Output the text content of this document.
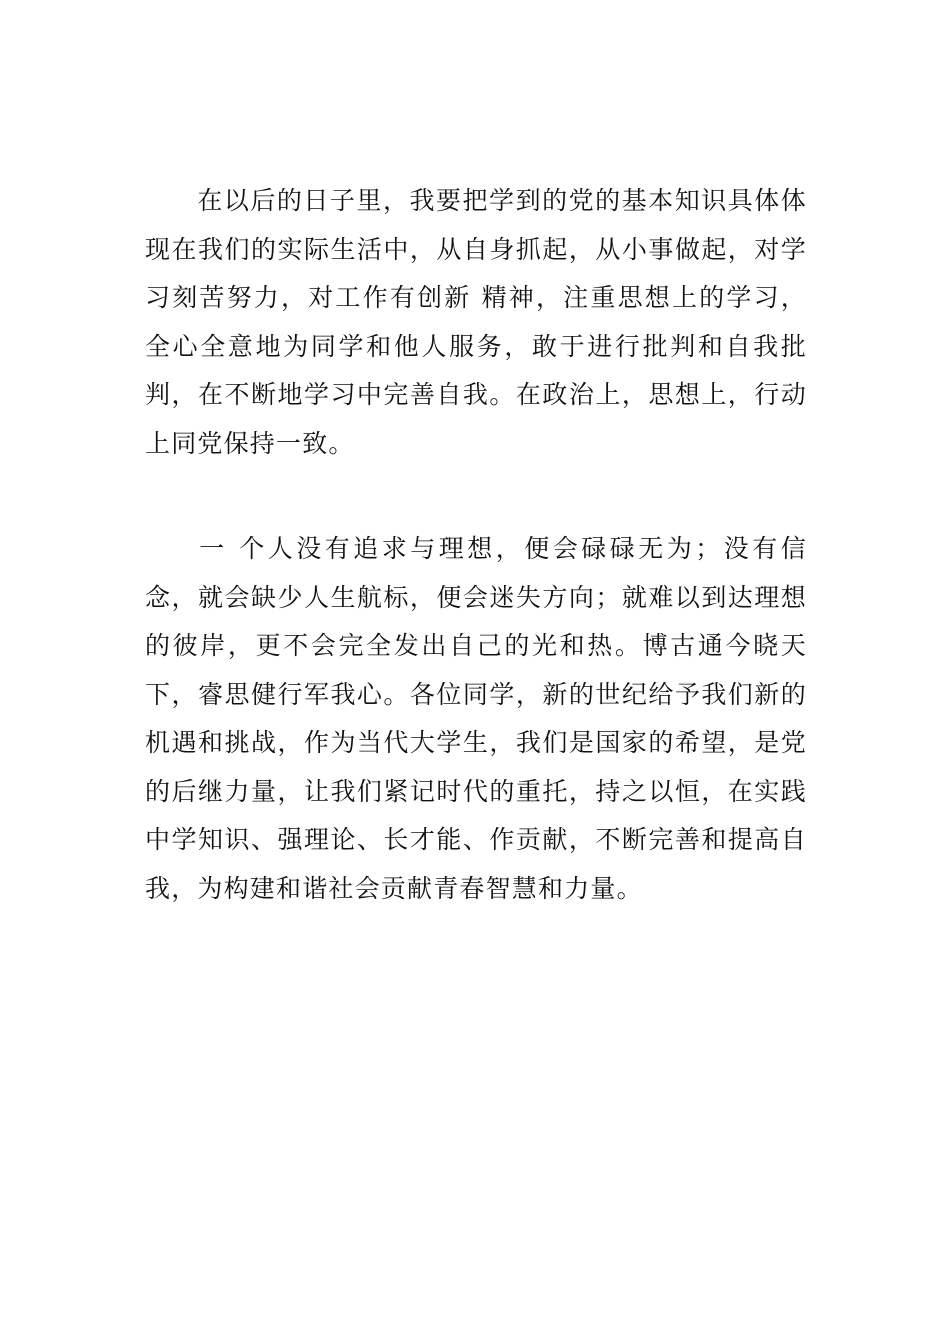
在以后的日子里，我要把学到的党的基本知识具体体现在我们的实际生活中，从自身抓起，从小事做起，对学习刻苦努力，对工作有创新 精神，注重思想上的学习，全心全意地为同学和他人服务，敢于进行批判和自我批判，在不断地学习中完善自我。在政治上，思想上，行动上同党保持一致。

一 个人没有追求与理想，便会碌碌无为；没有信念，就会缺少人生航标，便会迷失方向；就难以到达理想的彼岸，更不会完全发出自己的光和热。博古通今晓天下，睿思健行军我心。各位同学，新的世纪给予我们新的机遇和挑战，作为当代大学生，我们是国家的希望，是党的后继力量，让我们紧记时代的重托，持之以恒，在实践 中学知识、强理论、长才能、作贡献，不断完善和提高自我，为构建和谐社会贡献青春智慧和力量。
